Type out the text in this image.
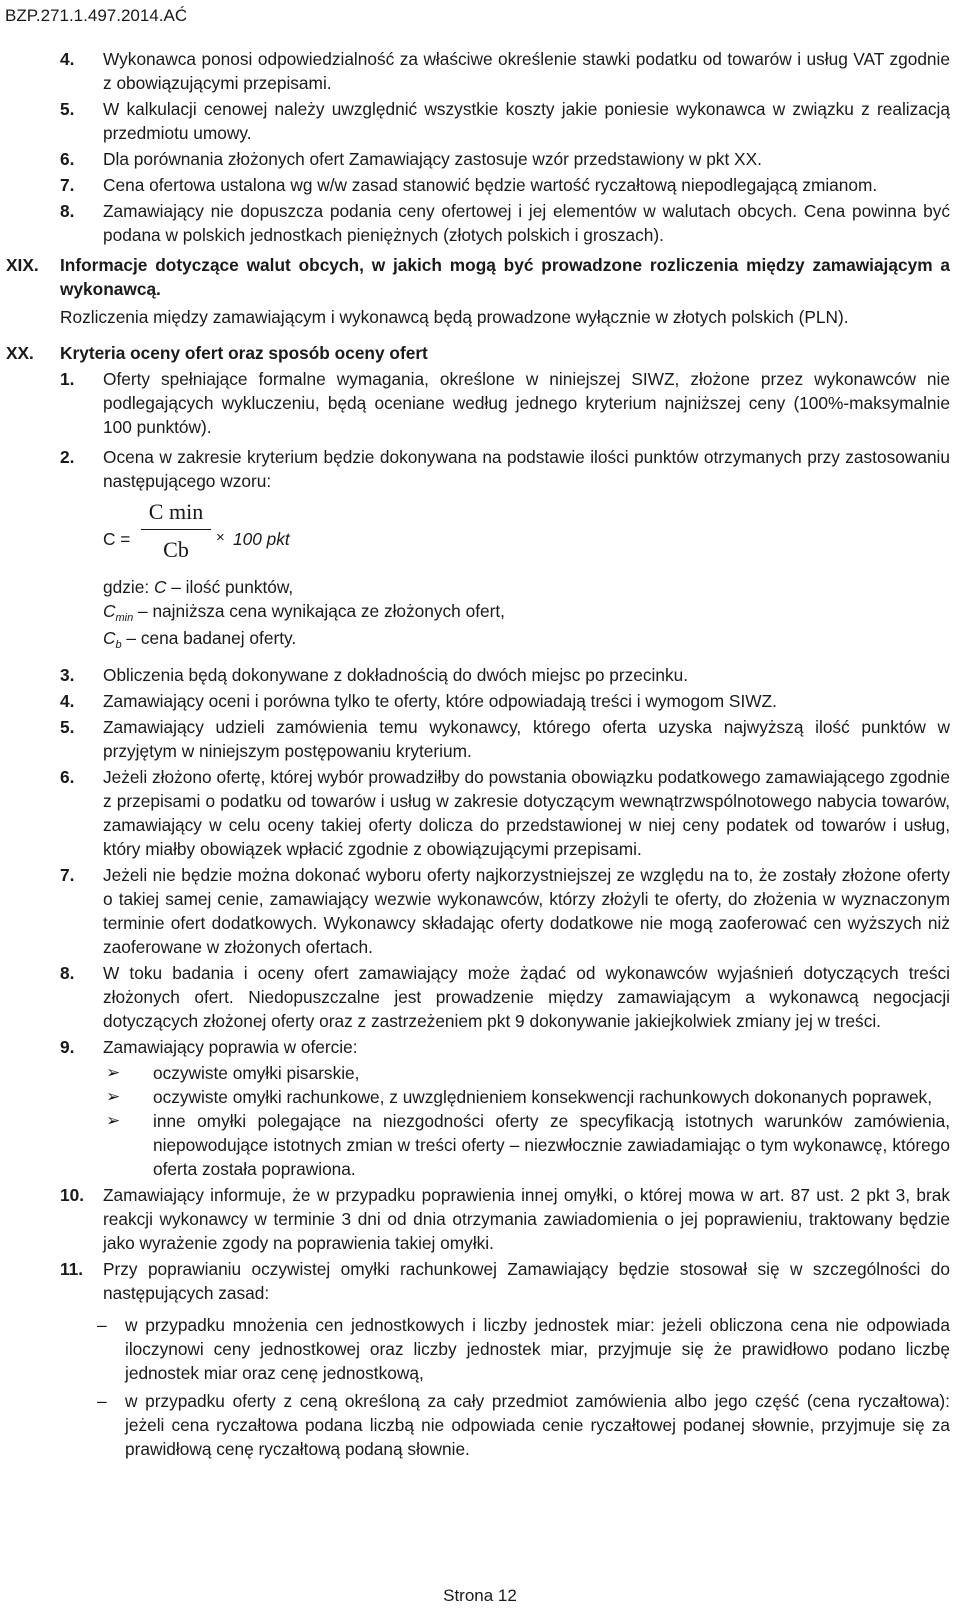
BZP.271.1.497.2014.AĆ
4. Wykonawca ponosi odpowiedzialność za właściwe określenie stawki podatku od towarów i usług VAT zgodnie z obowiązującymi przepisami.
5. W kalkulacji cenowej należy uwzględnić wszystkie koszty jakie poniesie wykonawca w związku z realizacją przedmiotu umowy.
6. Dla porównania złożonych ofert Zamawiający zastosuje wzór przedstawiony w pkt XX.
7. Cena ofertowa ustalona wg w/w zasad stanowić będzie wartość ryczałtową niepodlegającą zmianom.
8. Zamawiający nie dopuszcza podania ceny ofertowej i jej elementów w walutach obcych. Cena powinna być podana w polskich jednostkach pieniężnych (złotych polskich i groszach).
XIX. Informacje dotyczące walut obcych, w jakich mogą być prowadzone rozliczenia między zamawiającym a wykonawcą.
Rozliczenia między zamawiającym i wykonawcą będą prowadzone wyłącznie w złotych polskich (PLN).
XX. Kryteria oceny ofert oraz sposób oceny ofert
1. Oferty spełniające formalne wymagania, określone w niniejszej SIWZ, złożone przez wykonawców nie podlegających wykluczeniu, będą oceniane według jednego kryterium najniższej ceny (100%-maksymalnie 100 punktów).
2. Ocena w zakresie kryterium będzie dokonywana na podstawie ilości punktów otrzymanych przy zastosowaniu następującego wzoru:
C =
C min
Cb	× 100 pkt
gdzie: C – ilość punktów,
$C_{min}$ – najniższa cena wynikająca ze złożonych ofert,
$C_b$ – cena badanej oferty.
3. Obliczenia będą dokonywane z dokładnością do dwóch miejsc po przecinku.
4. Zamawiający oceni i porówna tylko te oferty, które odpowiadają treści i wymogom SIWZ.
5. Zamawiający udzieli zamówienia temu wykonawcy, którego oferta uzyska najwyższą ilość punktów w przyjętym w niniejszym postępowaniu kryterium.
6. Jeżeli złożono ofertę, której wybór prowadziłby do powstania obowiązku podatkowego zamawiającego zgodnie z przepisami o podatku od towarów i usług w zakresie dotyczącym wewnątrzwspólnotowego nabycia towarów, zamawiający w celu oceny takiej oferty dolicza do przedstawionej w niej ceny podatek od towarów i usług, który miałby obowiązek wpłacić zgodnie z obowiązującymi przepisami.
7. Jeżeli nie będzie można dokonać wyboru oferty najkorzystniejszej ze względu na to, że zostały złożone oferty o takiej samej cenie, zamawiający wezwie wykonawców, którzy złożyli te oferty, do złożenia w wyznaczonym terminie ofert dodatkowych. Wykonawcy składając oferty dodatkowe nie mogą zaoferować cen wyższych niż zaoferowane w złożonych ofertach.
8. W toku badania i oceny ofert zamawiający może żądać od wykonawców wyjaśnień dotyczących treści złożonych ofert. Niedopuszczalne jest prowadzenie między zamawiającym a wykonawcą negocjacji dotyczących złożonej oferty oraz z zastrzeżeniem pkt 9 dokonywanie jakiejkolwiek zmiany jej w treści.
9. Zamawiający poprawia w ofercie:
➢ oczywiste omyłki pisarskie,
➢ oczywiste omyłki rachunkowe, z uwzględnieniem konsekwencji rachunkowych dokonanych poprawek,
➢ inne omyłki polegające na niezgodności oferty ze specyfikacją istotnych warunków zamówienia, niepowodujące istotnych zmian w treści oferty – niezwłocznie zawiadamiając o tym wykonawcę, którego oferta została poprawiona.
10. Zamawiający informuje, że w przypadku poprawienia innej omyłki, o której mowa w art. 87 ust. 2 pkt 3, brak reakcji wykonawcy w terminie 3 dni od dnia otrzymania zawiadomienia o jej poprawieniu, traktowany będzie jako wyrażenie zgody na poprawienia takiej omyłki.
11. Przy poprawianiu oczywistej omyłki rachunkowej Zamawiający będzie stosował się w szczególności do następujących zasad:
– w przypadku mnożenia cen jednostkowych i liczby jednostek miar: jeżeli obliczona cena nie odpowiada iloczynowi ceny jednostkowej oraz liczby jednostek miar, przyjmuje się że prawidłowo podano liczbę jednostek miar oraz cenę jednostkową,
– w przypadku oferty z ceną określoną za cały przedmiot zamówienia albo jego część (cena ryczałtowa): jeżeli cena ryczałtowa podana liczbą nie odpowiada cenie ryczałtowej podanej słownie, przyjmuje się za prawidłową cenę ryczałtową podaną słownie.
Strona 12
